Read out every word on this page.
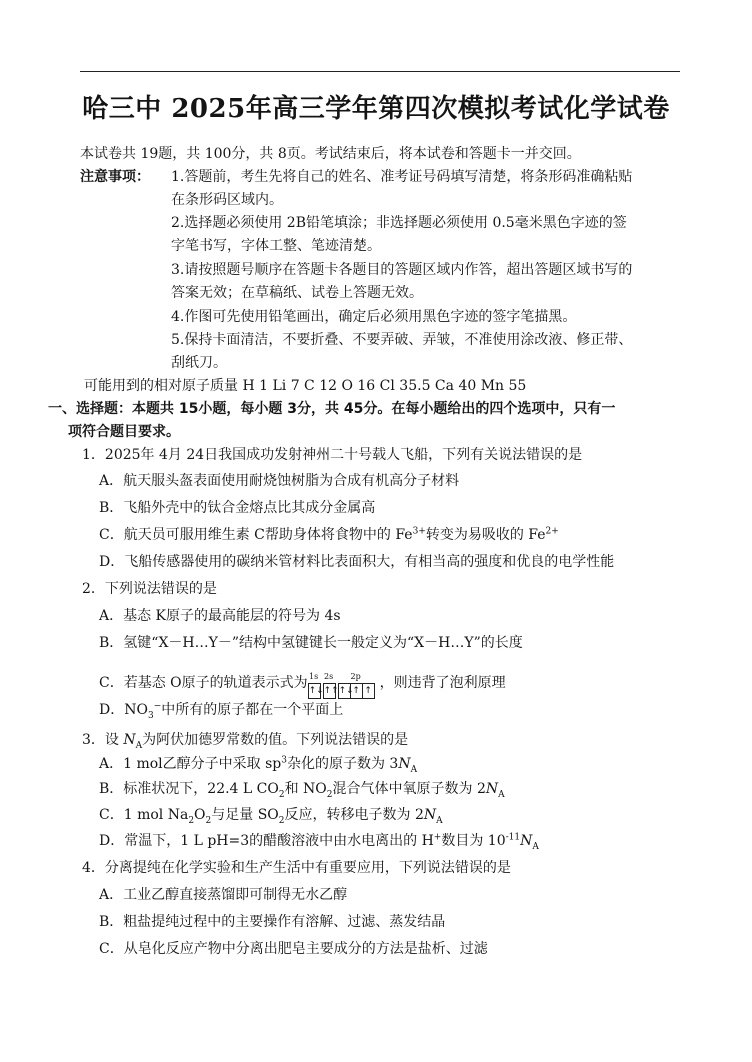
哈三中 2025年高三学年第四次模拟考试化学试卷
本试卷共 19题，共 100分，共 8页。考试结束后，将本试卷和答题卡一并交回。
注意事项： 1.答题前，考生先将自己的姓名、准考证号码填写清楚，将条形码准确粘贴
在条形码区域内。
2.选择题必须使用 2B铅笔填涂；非选择题必须使用 0.5毫米黑色字迹的签
字笔书写，字体工整、笔迹清楚。
3.请按照题号顺序在答题卡各题目的答题区域内作答，超出答题区域书写的
答案无效；在草稿纸、试卷上答题无效。
4.作图可先使用铅笔画出，确定后必须用黑色字迹的签字笔描黑。
5.保持卡面清洁，不要折叠、不要弄破、弄皱，不准使用涂改液、修正带、
刮纸刀。
可能用到的相对原子质量 H 1 Li 7 C 12 O 16 Cl 35.5 Ca 40 Mn 55
一、选择题：本题共 15小题，每小题 3分，共 45分。在每小题给出的四个选项中，只有一
项符合题目要求。
1．2025年 4月 24日我国成功发射神州二十号载人飞船，下列有关说法错误的是
A．航天服头盔表面使用耐烧蚀树脂为合成有机高分子材料
B．飞船外壳中的钛合金熔点比其成分金属高
C．航天员可服用维生素 C帮助身体将食物中的 $Fe^{3+}$转变为易吸收的 $Fe^{2+}$
D．飞船传感器使用的碳纳米管材料比表面积大，有相当高的强度和优良的电学性能
2．下列说法错误的是
A．基态 K原子的最高能层的符号为 4s
B．氢键“X－H…Y－”结构中氢键键长一般定义为“X－H…Y”的长度
C．若基态 O原子的轨道表示式为 1s
↑↓
2s
↑↑
2p
↑↓↑ ↑ ，则违背了泡利原理
D．$NO_3^-$中所有的原子都在一个平面上
3．设 $N_A$为阿伏加德罗常数的值。下列说法错误的是
A．1 mol乙醇分子中采取 $sp^3$杂化的原子数为 $3N_A$
B．标准状况下，22.4 L $CO_2$和 $NO_2$混合气体中氧原子数为 $2N_A$
C．1 mol $Na_2O_2$与足量 $SO_2$反应，转移电子数为 $2N_A$
D．常温下，1 L pH=3的醋酸溶液中由水电离出的 H+数目为 $10^{-11}N_A$
4．分离提纯在化学实验和生产生活中有重要应用，下列说法错误的是
A．工业乙醇直接蒸馏即可制得无水乙醇
B．粗盐提纯过程中的主要操作有溶解、过滤、蒸发结晶
C．从皂化反应产物中分离出肥皂主要成分的方法是盐析、过滤
